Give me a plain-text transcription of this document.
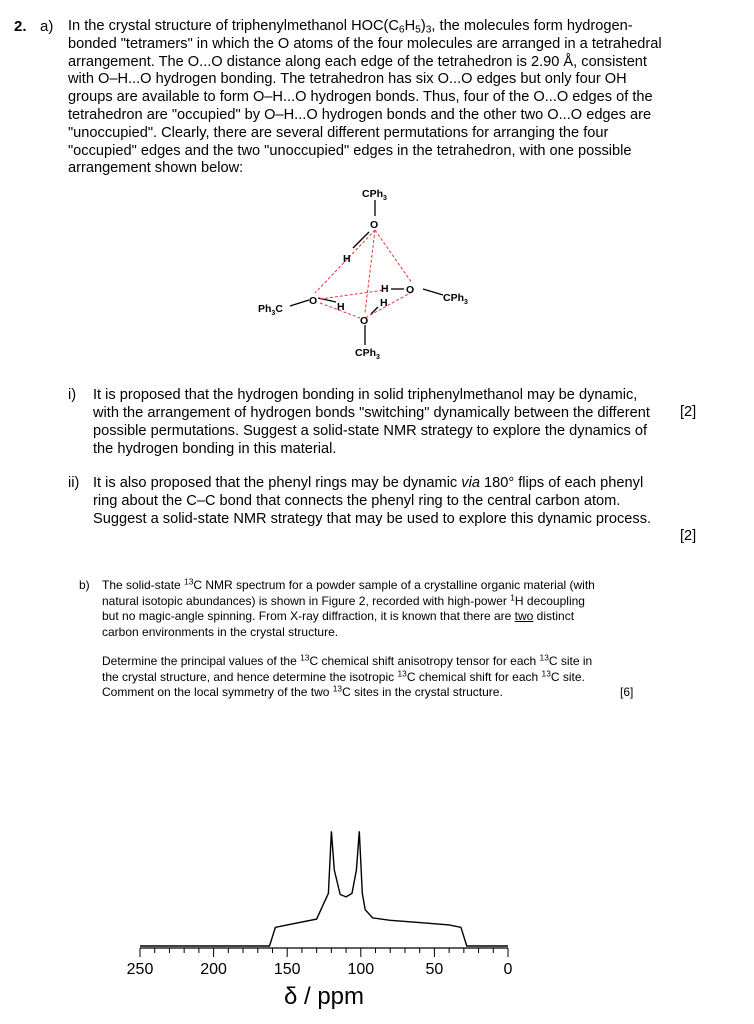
2. a) In the crystal structure of triphenylmethanol $HOC(C_6H_5)_3$, the molecules form hydrogen-bonded "tetramers" in which the O atoms of the four molecules are arranged in a tetrahedral arrangement. The O...O distance along each edge of the tetrahedron is 2.90 Å, consistent with O–H...O hydrogen bonding. The tetrahedron has six O...O edges but only four OH groups are available to form O–H...O hydrogen bonds. Thus, four of the O...O edges of the tetrahedron are "occupied" by O–H...O hydrogen bonds and the other two O...O edges are "unoccupied". Clearly, there are several different permutations for arranging the four "occupied" edges and the two "unoccupied" edges in the tetrahedron, with one possible arrangement shown below:
CPh$_3$
O
H
$Ph_3C$
O H
H O
CPh$_3$
H
O
CPh$_3$
i) It is proposed that the hydrogen bonding in solid triphenylmethanol may be dynamic, with the arrangement of hydrogen bonds "switching" dynamically between the different possible permutations. Suggest a solid-state NMR strategy to explore the dynamics of the hydrogen bonding in this material.
[2]
ii) It is also proposed that the phenyl rings may be dynamic via 180° flips of each phenyl ring about the C–C bond that connects the phenyl ring to the central carbon atom. Suggest a solid-state NMR strategy that may be used to explore this dynamic process.
[2]
b) The solid-state $^{13}$C NMR spectrum for a powder sample of a crystalline organic material (with natural isotopic abundances) is shown in Figure 2, recorded with high-power $^1$H decoupling but no magic-angle spinning. From X-ray diffraction, it is known that there are two distinct carbon environments in the crystal structure.
Determine the principal values of the $^{13}$C chemical shift anisotropy tensor for each $^{13}$C site in the crystal structure, and hence determine the isotropic $^{13}$C chemical shift for each $^{13}$C site. Comment on the local symmetry of the two $^{13}$C sites in the crystal structure.	[6]
250	200	150	100	50	0
δ / ppm
